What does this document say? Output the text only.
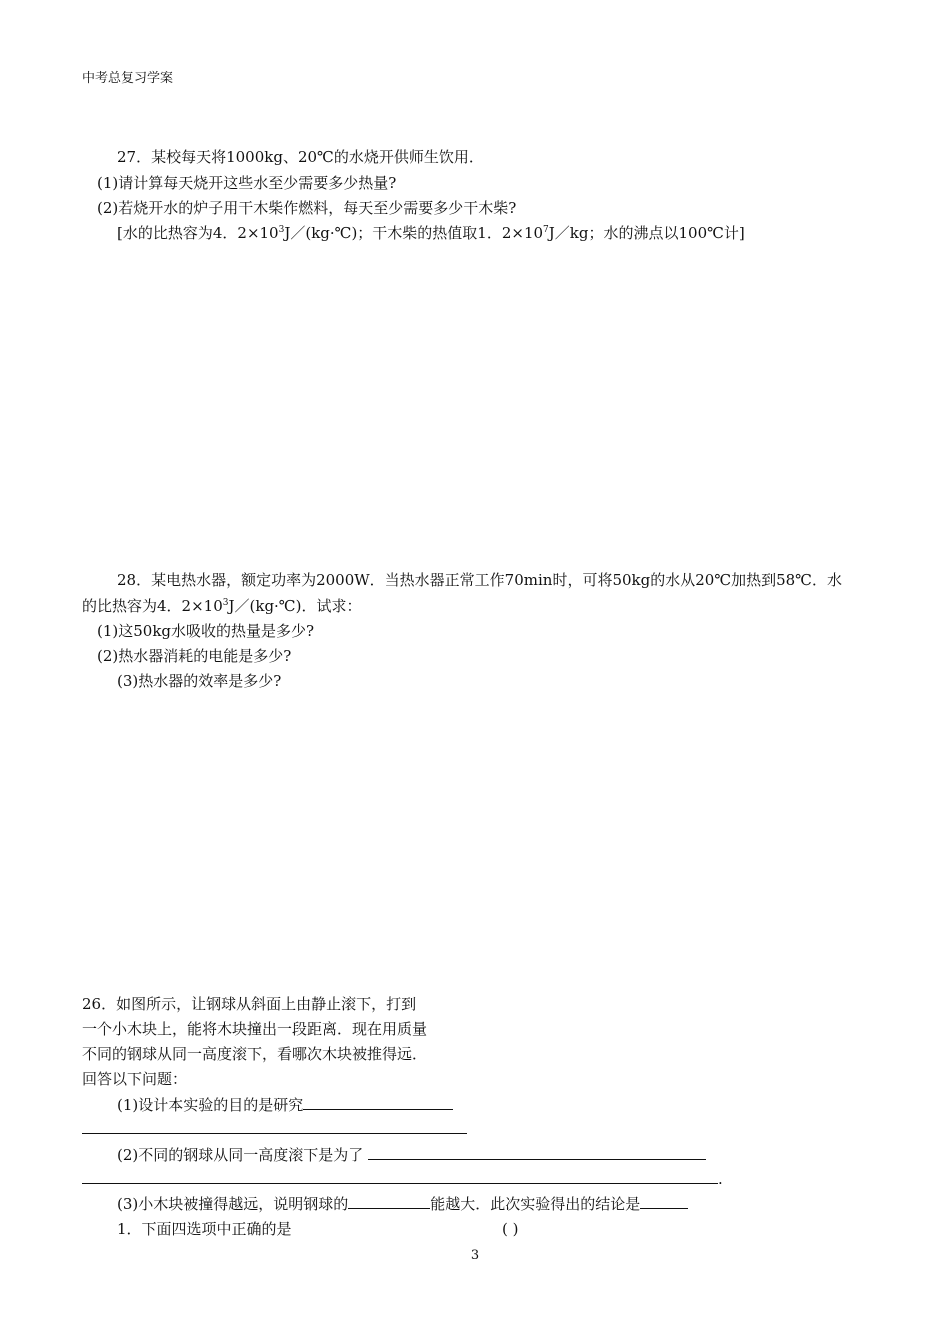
中考总复习学案
27．某校每天将1000kg、20℃的水烧开供师生饮用．
(1)请计算每天烧开这些水至少需要多少热量?
(2)若烧开水的炉子用干木柴作燃料，每天至少需要多少干木柴?
[水的比热容为4．$2\times 10^3J/(kg\cdot℃)$；干木柴的热值取1．$2\times 10^7J/kg$；水的沸点以100℃计]
28．某电热水器，额定功率为2000W．当热水器正常工作70min时，可将50kg的水从20℃加热到58℃．水
的比热容为4．$2\times 10^3J/(kg\cdot℃)$．试求：
(1)这50kg水吸收的热量是多少?
(2)热水器消耗的电能是多少?
(3)热水器的效率是多少?
26．如图所示，让钢球从斜面上由静止滚下，打到
一个小木块上，能将木块撞出一段距离．现在用质量
不同的钢球从同一高度滚下，看哪次木块被推得远．
回答以下问题：
(1)设计本实验的目的是研究
(2)不同的钢球从同一高度滚下是为了
.
(3)小木块被撞得越远，说明钢球的	能越大．此次实验得出的结论是
1．下面四选项中正确的是	( )
3
